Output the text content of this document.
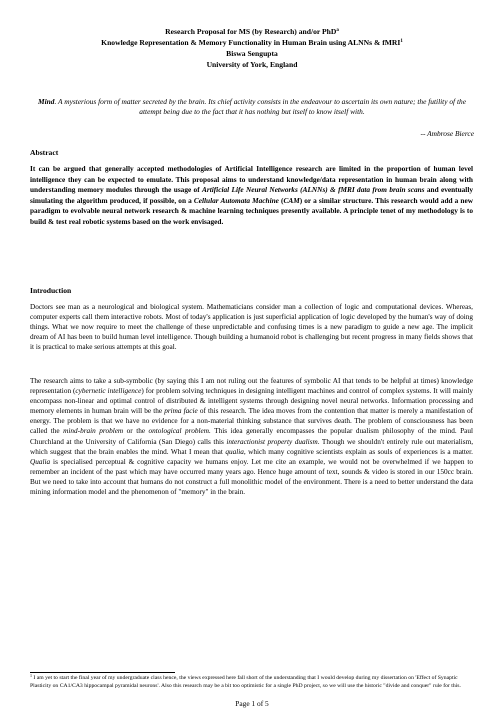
Research Proposal for MS (by Research) and/or PhD$^a$
Knowledge Representation & Memory Functionality in Human Brain using ALNNs & fMRI$^1$
Biswa Sengupta
University of York, England
Mind. A mysterious form of matter secreted by the brain. Its chief activity consists in the endeavour to ascertain its own nature; the futility of the attempt being due to the fact that it has nothing but itself to know itself with.
-- Ambrose Bierce
Abstract
It can be argued that generally accepted methodologies of Artificial Intelligence research are limited in the proportion of human level intelligence they can be expected to emulate. This proposal aims to understand knowledge/data representation in human brain along with understanding memory modules through the usage of Artificial Life Neural Networks (ALNNs) & fMRI data from brain scans and eventually simulating the algorithm produced, if possible, on a Cellular Automata Machine (CAM) or a similar structure. This research would add a new paradigm to evolvable neural network research & machine learning techniques presently available. A principle tenet of my methodology is to build & test real robotic systems based on the work envisaged.
Introduction
Doctors see man as a neurological and biological system. Mathematicians consider man a collection of logic and computational devices. Whereas, computer experts call them interactive robots. Most of today's application is just superficial application of logic developed by the human's way of doing things. What we now require to meet the challenge of these unpredictable and confusing times is a new paradigm to guide a new age. The implicit dream of AI has been to build human level intelligence. Though building a humanoid robot is challenging but recent progress in many fields shows that it is practical to make serious attempts at this goal.
The research aims to take a sub-symbolic (by saying this I am not ruling out the features of symbolic AI that tends to be helpful at times) knowledge representation (cybernetic intelligence) for problem solving techniques in designing intelligent machines and control of complex systems. It will mainly encompass non-linear and optimal control of distributed & intelligent systems through designing novel neural networks. Information processing and memory elements in human brain will be the prima facie of this research. The idea moves from the contention that matter is merely a manifestation of energy. The problem is that we have no evidence for a non-material thinking substance that survives death. The problem of consciousness has been called the mind-brain problem or the ontological problem. This idea generally encompasses the popular dualism philosophy of the mind. Paul Churchland at the University of California (San Diego) calls this interactionist property dualism. Though we shouldn't entirely rule out materialism, which suggest that the brain enables the mind. What I mean that qualia, which many cognitive scientists explain as souls of experiences is a matter. Qualia is specialised perceptual & cognitive capacity we humans enjoy. Let me cite an example, we would not be overwhelmed if we happen to remember an incident of the past which may have occurred many years ago. Hence huge amount of text, sounds & video is stored in our 150cc brain. But we need to take into account that humans do not construct a full monolithic model of the environment. There is a need to better understand the data mining information model and the phenomenon of "memory" in the brain.
$^1$ I am yet to start the final year of my undergraduate class hence, the views expressed here fall short of the understanding that I would develop during my dissertation on 'Effect of Synaptic Plasticity on CA1/CA3 hippocampal pyramidal neurons'. Also this research may be a bit too optimistic for a single PhD project, so we will use the historic "divide and conquer" rule for this.
Page 1 of 5
